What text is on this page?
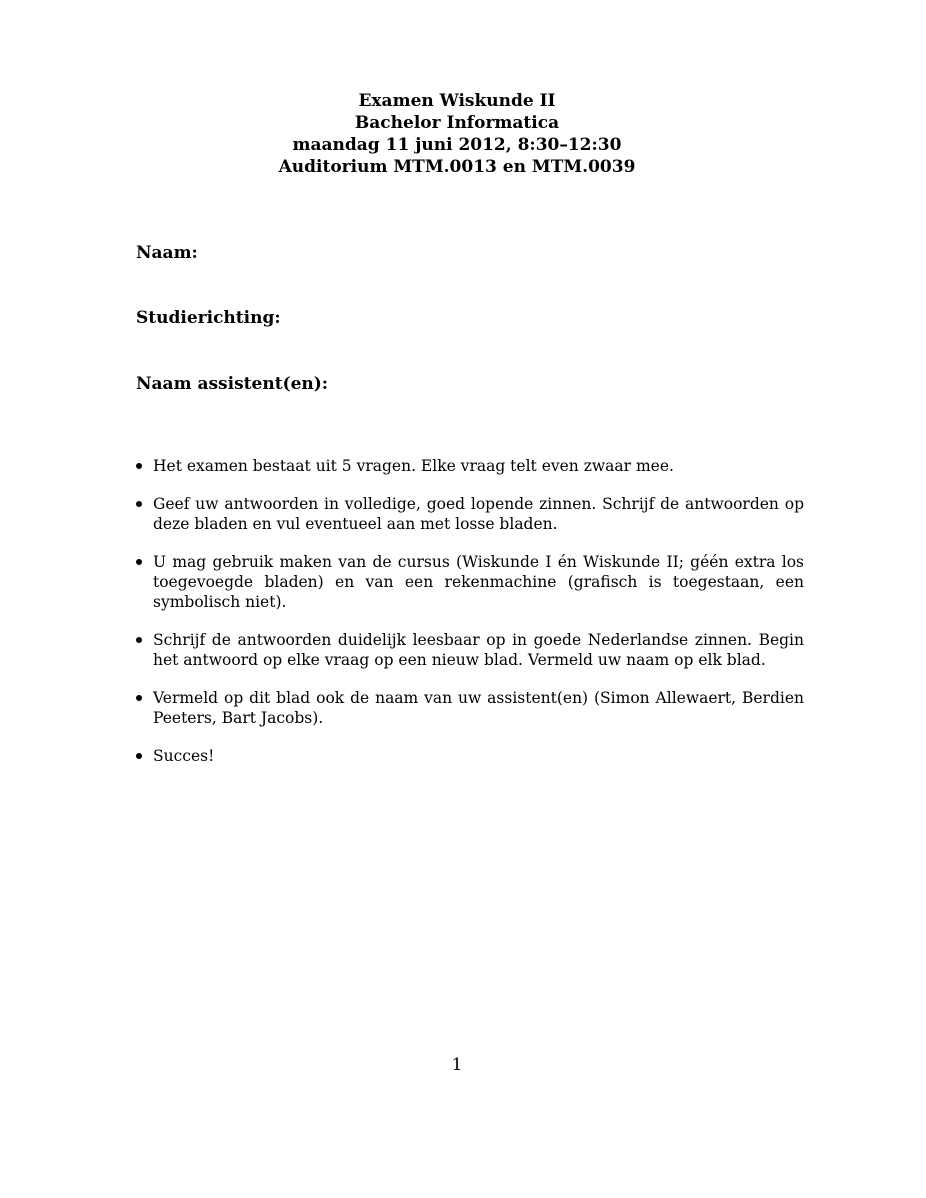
Examen Wiskunde II
Bachelor Informatica
maandag 11 juni 2012, 8:30–12:30
Auditorium MTM.0013 en MTM.0039
Naam:
Studierichting:
Naam assistent(en):
Het examen bestaat uit 5 vragen. Elke vraag telt even zwaar mee.
Geef uw antwoorden in volledige, goed lopende zinnen. Schrijf de antwoorden op deze bladen en vul eventueel aan met losse bladen.
U mag gebruik maken van de cursus (Wiskunde I én Wiskunde II; géén extra los toegevoegde bladen) en van een rekenmachine (grafisch is toegestaan, een symbolisch niet).
Schrijf de antwoorden duidelijk leesbaar op in goede Nederlandse zinnen. Begin het antwoord op elke vraag op een nieuw blad. Vermeld uw naam op elk blad.
Vermeld op dit blad ook de naam van uw assistent(en) (Simon Allewaert, Berdien Peeters, Bart Jacobs).
Succes!
1
